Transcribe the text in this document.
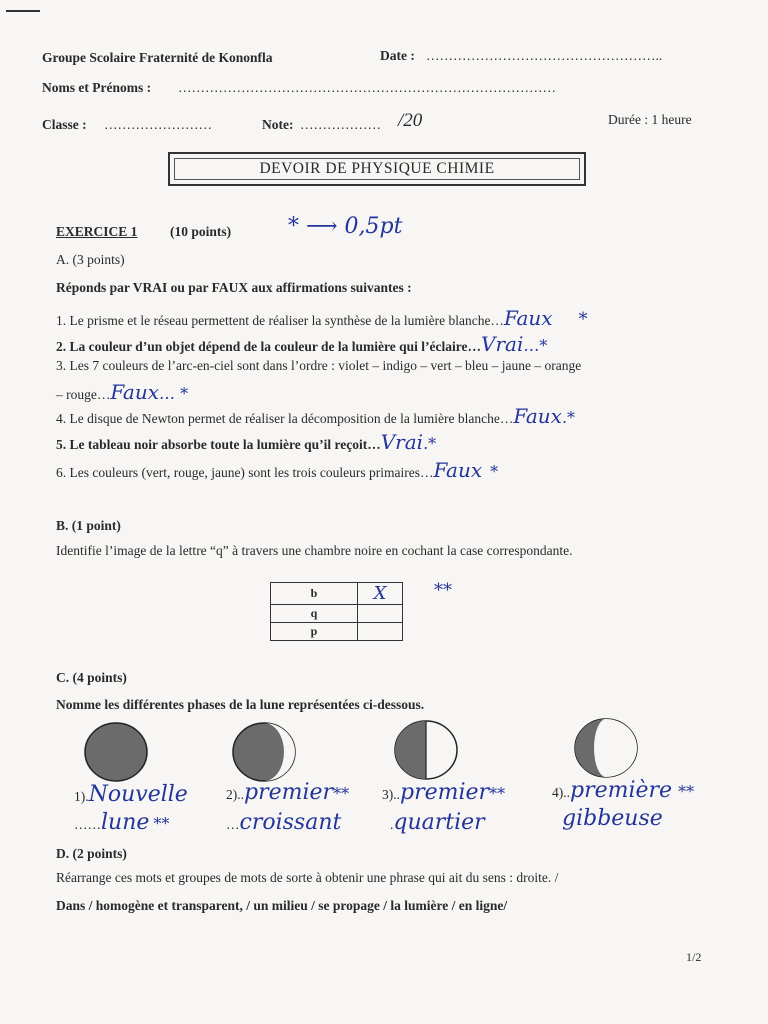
Groupe Scolaire Fraternité de Kononfla	Date : ……………………………………………..
Noms et Prénoms : …………………………………………………………………………
Classe : ……………………	Note: ……………… /20	Durée : 1 heure
DEVOIR DE PHYSIQUE CHIMIE
EXERCICE 1 (10 points)	* ⟶ 0,5pt
A. (3 points)
Réponds par VRAI ou par FAUX aux affirmations suivantes :
1. Le prisme et le réseau permettent de réaliser la synthèse de la lumière blanche…Faux *
2. La couleur d’un objet dépend de la couleur de la lumière qui l’éclaire…Vrai…*
3. Les 7 couleurs de l’arc-en-ciel sont dans l’ordre : violet – indigo – vert – bleu – jaune – orange
– rouge…Faux… *
4. Le disque de Newton permet de réaliser la décomposition de la lumière blanche…Faux.*
5. Le tableau noir absorbe toute la lumière qu’il reçoit…Vrai.*
6. Les couleurs (vert, rouge, jaune) sont les trois couleurs primaires…Faux *
B. (1 point)
Identifie l’image de la lettre “q” à travers une chambre noire en cochant la case correspondante.
b	X
q	
p	
**
C. (4 points)
Nomme les différentes phases de la lune représentées ci-dessous.
1).Nouvelle
……lune **
2)..premier**
…croissant
3)..premier**
.quartier
4)..première **
gibbeuse
D. (2 points)
Réarrange ces mots et groupes de mots de sorte à obtenir une phrase qui ait du sens : droite. /
Dans / homogène et transparent, / un milieu / se propage / la lumière / en ligne/
1/2
